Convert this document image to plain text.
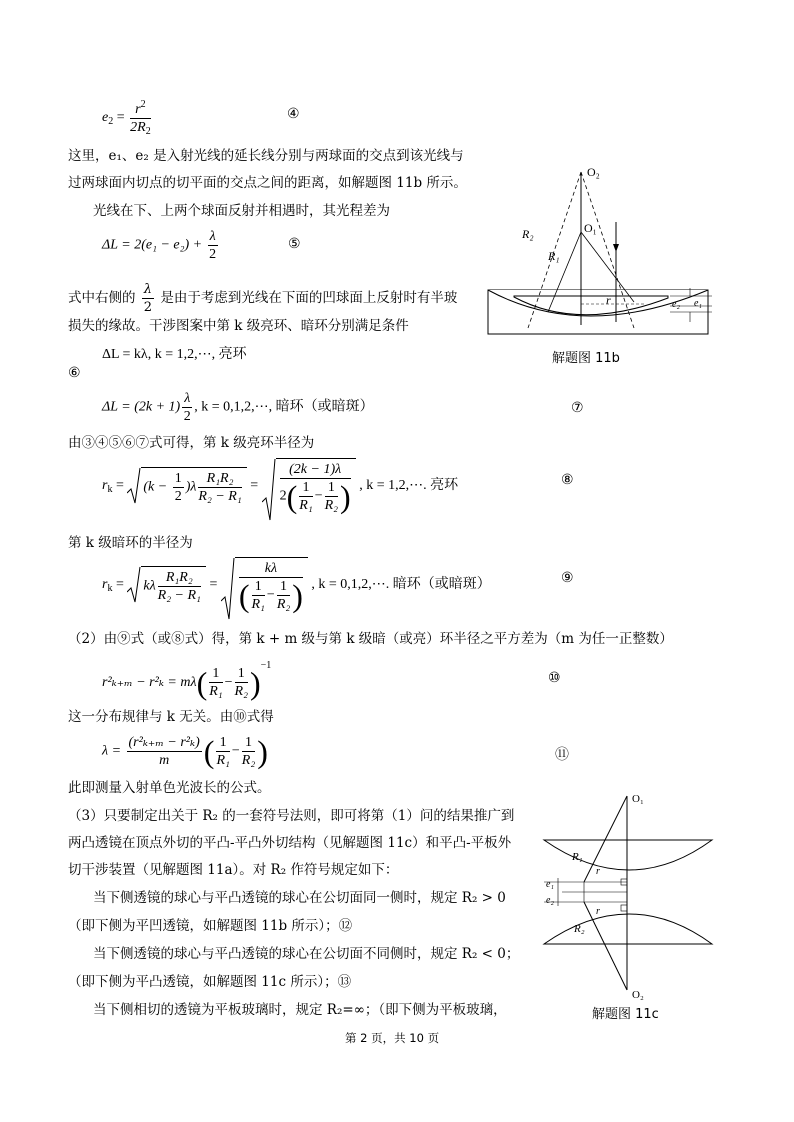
$e_2 = \frac{r^2}{2R_2}$	④
这里，e₁、e₂ 是入射光线的延长线分别与两球面的交点到该光线与
过两球面内切点的切平面的交点之间的距离，如解题图 11b 所示。
光线在下、上两个球面反射并相遇时，其光程差为
$\Delta L = 2(e_1 - e_2) + \frac{\lambda}{2}$	⑤
式中右侧的 $\frac{\lambda}{2}$ 是由于考虑到光线在下面的凹球面上反射时有半玻
损失的缘故。干涉图案中第 k 级亮环、暗环分别满足条件
ΔL = kλ, k = 1,2,⋯, 亮环
⑥
$\Delta L = (2k + 1) \frac{\lambda}{2}$ , k = 0,1,2,⋯, 暗环（或暗斑）	⑦
由③④⑤⑥⑦式可得，第 k 级亮环半径为
$r_k$ =
$(k - \frac{1}{2} )\lambda \frac{\text{R₁R₂}}{\text{R₂ − R₁}} = \frac{(2k - 1)\lambda}{2( \frac{1}{\text{R₁}} - \frac{1}{\text{R₂}} )}$ , k = 1,2,⋯. 亮环	⑧
第 k 级暗环的半径为
$r_k$ =
kλ $\frac{\text{R₁R₂}}{\text{R₂ − R₁}} = \frac{k\lambda}{( \frac{1}{\text{R₁}} - \frac{1}{\text{R₂}} )}$ , k = 0,1,2,⋯. 暗环（或暗斑）	⑨
（2）由⑨式（或⑧式）得，第 k + m 级与第 k 级暗（或亮）环半径之平方差为（m 为任一正整数）
$r^2_{k+m} - r^2_k = m\lambda( \frac{1}{\text{R₁}} - \frac{1}{\text{R₂}} )^{-1}$
⑩
这一分布规律与 k 无关。由⑩式得
$\lambda = \frac{\text{(r²ₖ₊ₘ − r²ₖ)}}{m}$ ( $\frac{1}{\text{R₁}} - \frac{1}{\text{R₂}}$ )	⑪
此即测量入射单色光波长的公式。
（3）只要制定出关于 R₂ 的一套符号法则，即可将第（1）问的结果推广到
两凸透镜在顶点外切的平凸-平凸外切结构（见解题图 11c）和平凸-平板外
切干涉装置（见解题图 11a）。对 R₂ 作符号规定如下：
当下侧透镜的球心与平凸透镜的球心在公切面同一侧时，规定 R₂ > 0
（即下侧为平凹透镜，如解题图 11b 所示）；⑫
当下侧透镜的球心与平凸透镜的球心在公切面不同侧时，规定 R₂ < 0；
（即下侧为平凸透镜，如解题图 11c 所示）；⑬
当下侧相切的透镜为平板玻璃时，规定 R₂=∞；（即下侧为平板玻璃，
O₂
O₁
R₂
R₁
r	e₂ e₁
解题图 11b
O₁
O₂
R₁
R₂
r
r
e₁
e₂
解题图 11c
第 2 页，共 10 页
